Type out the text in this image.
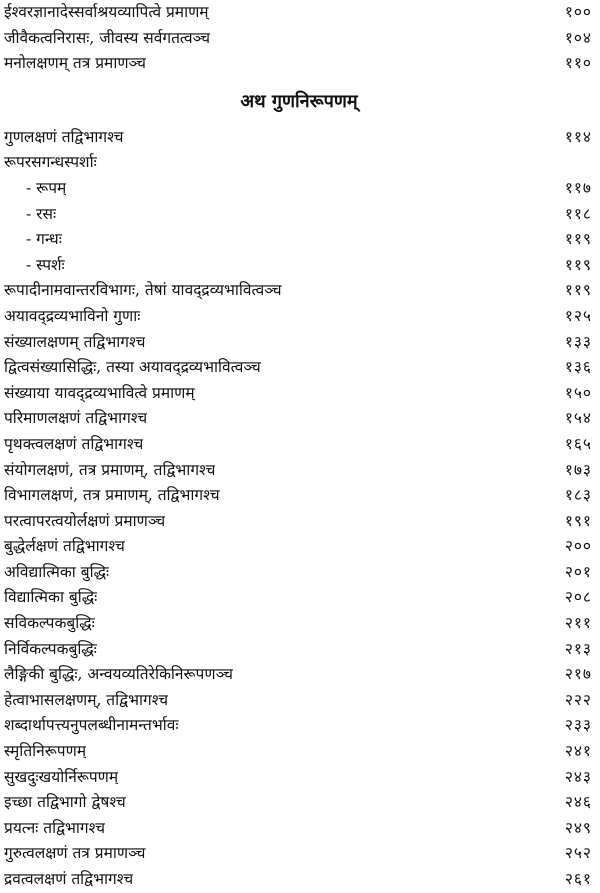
ईश्वरज्ञानादेस्सर्वाश्रयव्यापित्वे प्रमाणम्	१००
जीवैकत्वनिरासः, जीवस्य सर्वगतत्वञ्च	१०४
मनोलक्षणम् तत्र प्रमाणञ्च	११०
अथ गुणनिरूपणम्
गुणलक्षणं तद्विभागश्च	११४
रूपरसगन्धस्पर्शाः
- रूपम्	११७
- रसः	११८
- गन्धः	११९
- स्पर्शः	११९
रूपादीनामवान्तरविभागः, तेषां यावद्द्रव्यभावित्वञ्च	११९
अयावद्द्रव्यभाविनो गुणाः	१२५
संख्यालक्षणम् तद्विभागश्च	१३३
द्वित्वसंख्यासिद्धिः, तस्या अयावद्द्रव्यभावित्वञ्च	१३६
संख्याया यावद्द्रव्यभावित्वे प्रमाणम्	१५०
परिमाणलक्षणं तद्विभागश्च	१५४
पृथक्त्वलक्षणं तद्विभागश्च	१६५
संयोगलक्षणं, तत्र प्रमाणम्, तद्विभागश्च	१७३
विभागलक्षणं, तत्र प्रमाणम्, तद्विभागश्च	१८३
परत्वापरत्वयोर्लक्षणं प्रमाणञ्च	१९१
बुद्धेर्लक्षणं तद्विभागश्च	२००
अविद्यात्मिका बुद्धिः	२०१
विद्यात्मिका बुद्धिः	२०८
सविकल्पकबुद्धिः	२११
निर्विकल्पकबुद्धिः	२१३
लैङ्गिकी बुद्धिः, अन्वयव्यतिरेकिनिरूपणञ्च	२१७
हेत्वाभासलक्षणम्, तद्विभागश्च	२२२
शब्दार्थापत्त्यनुपलब्धीनामन्तर्भावः	२३३
स्मृतिनिरूपणम्	२४१
सुखदुःखयोर्निरूपणम्	२४३
इच्छा तद्विभागो द्वेषश्च	२४६
प्रयत्नः तद्विभागश्च	२४९
गुरुत्वलक्षणं तत्र प्रमाणञ्च	२५२
द्रवत्वलक्षणं तद्विभागश्च	२६१
